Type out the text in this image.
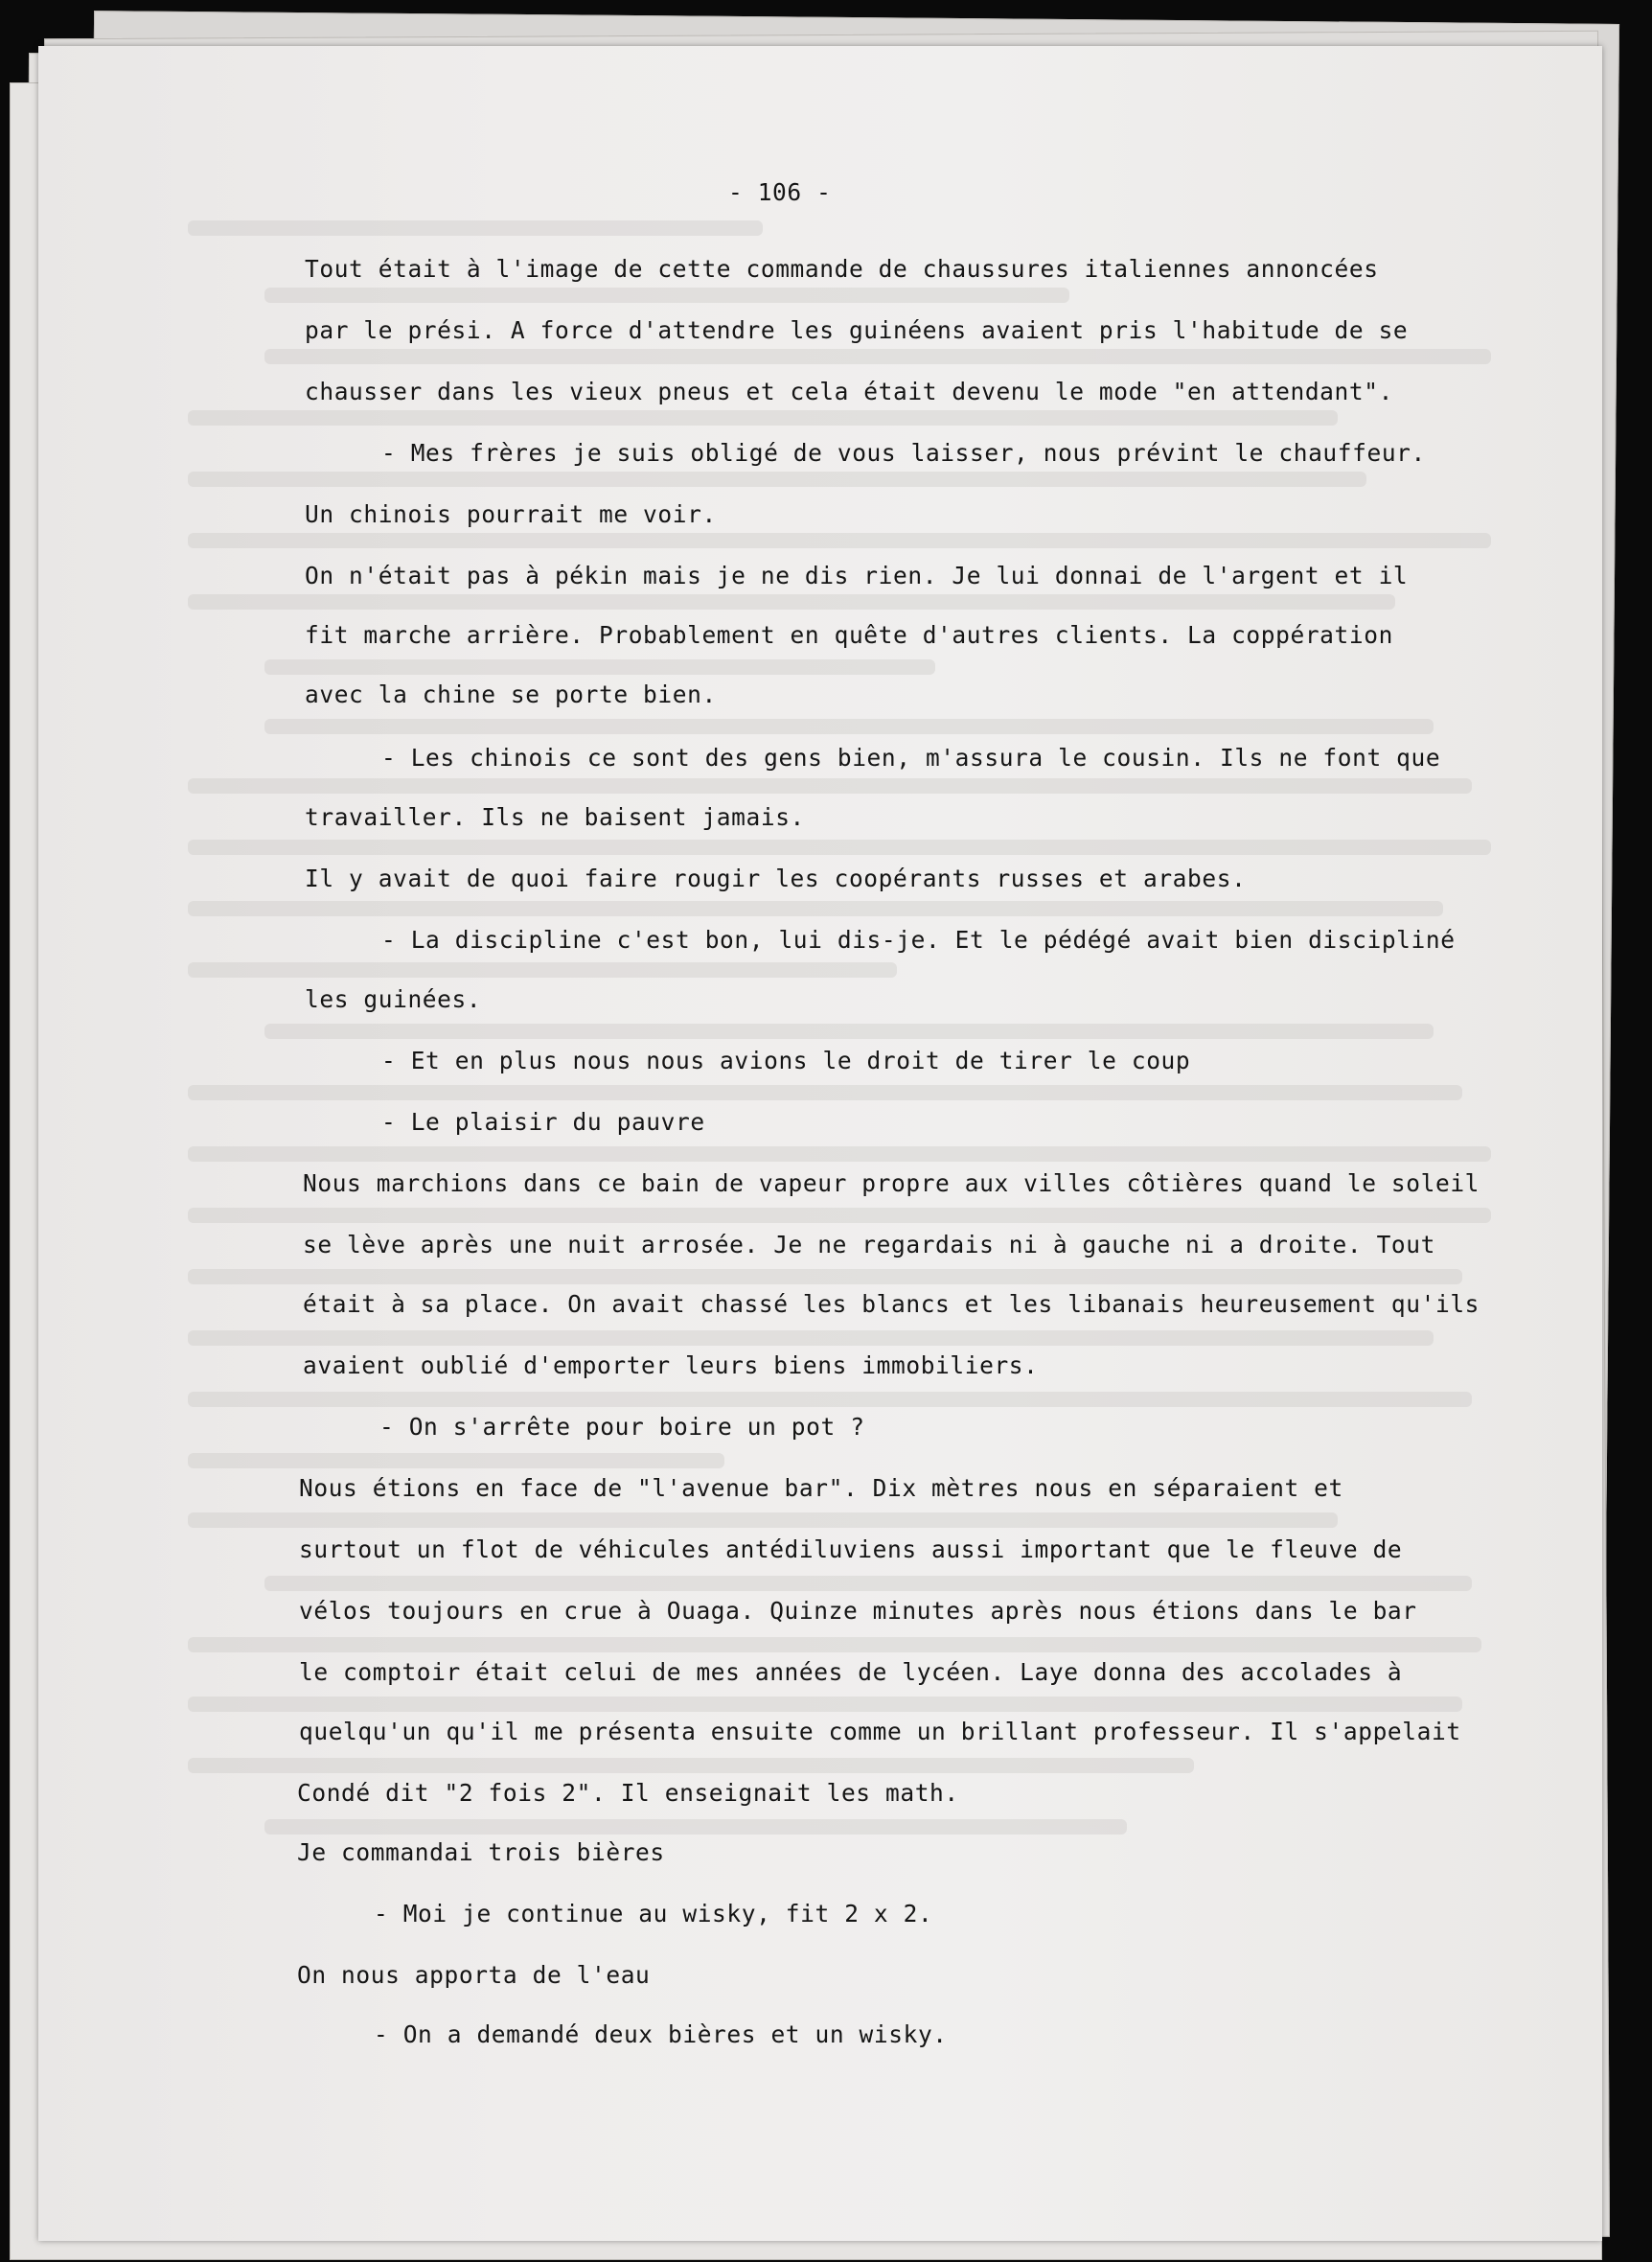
- 106 -
Tout était à l'image de cette commande de chaussures italiennes annoncées
par le prési. A force d'attendre les guinéens avaient pris l'habitude de se
chausser dans les vieux pneus et cela était devenu le mode "en attendant".
- Mes frères je suis obligé de vous laisser, nous prévint le chauffeur.
Un chinois pourrait me voir.
On n'était pas à pékin mais je ne dis rien. Je lui donnai de l'argent et il
fit marche arrière. Probablement en quête d'autres clients. La coppération
avec la chine se porte bien.
- Les chinois ce sont des gens bien, m'assura le cousin. Ils ne font que
travailler. Ils ne baisent jamais.
Il y avait de quoi faire rougir les coopérants russes et arabes.
- La discipline c'est bon, lui dis-je. Et le pédégé avait bien discipliné
les guinées.
- Et en plus nous nous avions le droit de tirer le coup
- Le plaisir du pauvre
Nous marchions dans ce bain de vapeur propre aux villes côtières quand le soleil
se lève après une nuit arrosée. Je ne regardais ni à gauche ni a droite. Tout
était à sa place. On avait chassé les blancs et les libanais heureusement qu'ils
avaient oublié d'emporter leurs biens immobiliers.
- On s'arrête pour boire un pot ?
Nous étions en face de "l'avenue bar". Dix mètres nous en séparaient et
surtout un flot de véhicules antédiluviens aussi important que le fleuve de
vélos toujours en crue à Ouaga. Quinze minutes après nous étions dans le bar
le comptoir était celui de mes années de lycéen. Laye donna des accolades à
quelqu'un qu'il me présenta ensuite comme un brillant professeur. Il s'appelait
Condé dit "2 fois 2". Il enseignait les math.
Je commandai trois bières
- Moi je continue au wisky, fit 2 x 2.
On nous apporta de l'eau
- On a demandé deux bières et un wisky.
